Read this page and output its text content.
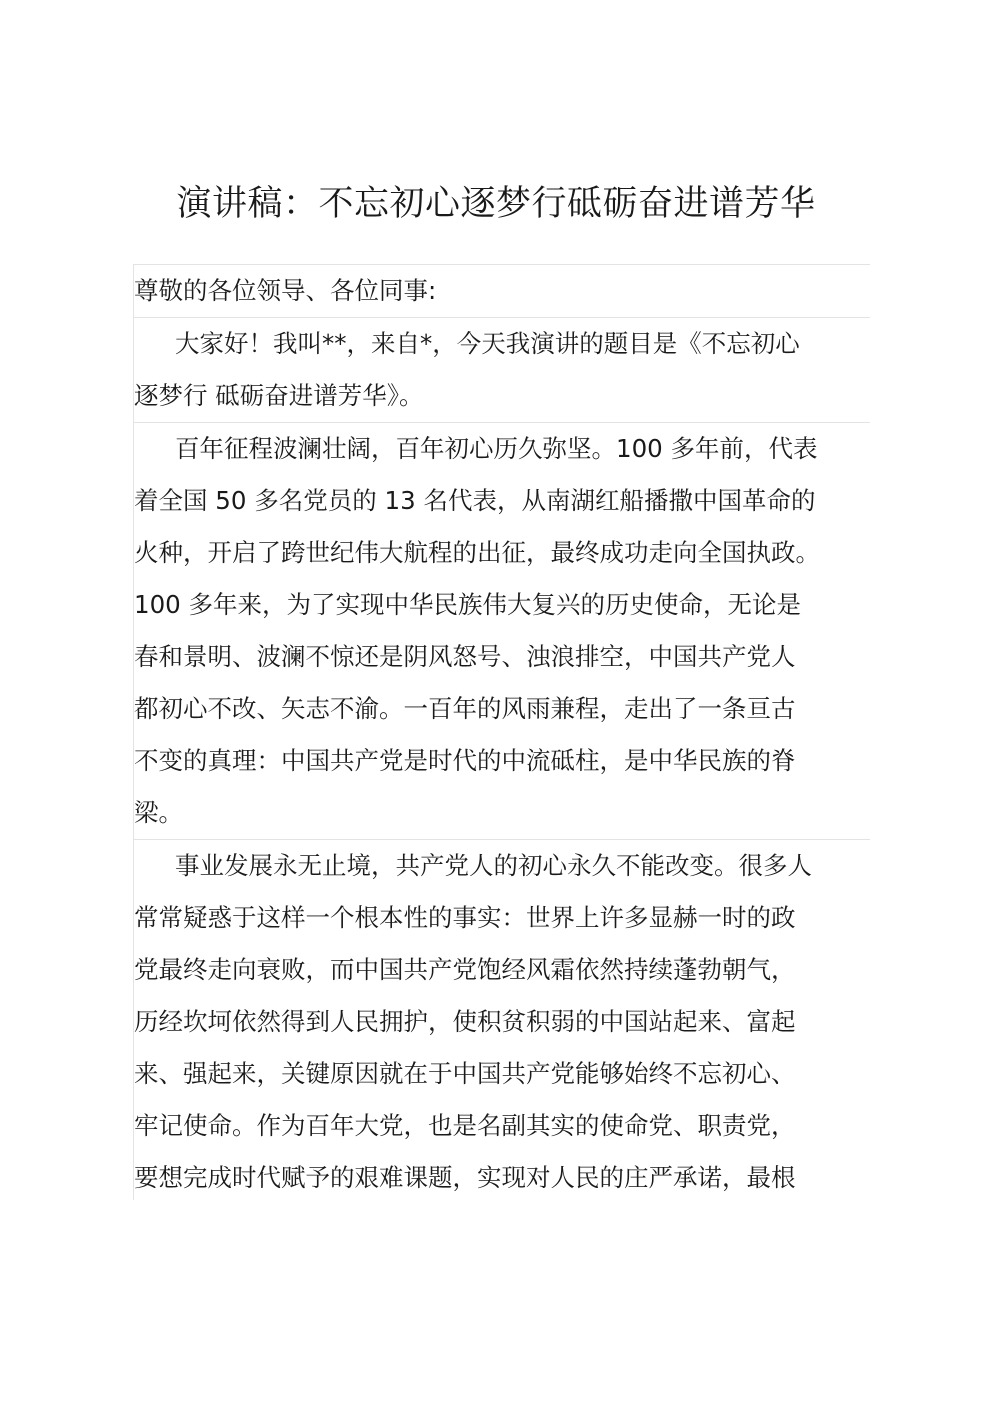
演讲稿：不忘初心逐梦行砥砺奋进谱芳华

尊敬的各位领导、各位同事:

大家好！我叫**，来自*，今天我演讲的题目是《不忘初心
逐梦行 砥砺奋进谱芳华》。

百年征程波澜壮阔，百年初心历久弥坚。100 多年前，代表
着全国 50 多名党员的 13 名代表，从南湖红船播撒中国革命的
火种，开启了跨世纪伟大航程的出征，最终成功走向全国执政。
100 多年来，为了实现中华民族伟大复兴的历史使命，无论是
春和景明、波澜不惊还是阴风怒号、浊浪排空，中国共产党人
都初心不改、矢志不渝。一百年的风雨兼程，走出了一条亘古
不变的真理：中国共产党是时代的中流砥柱，是中华民族的脊
梁。

事业发展永无止境，共产党人的初心永久不能改变。很多人
常常疑惑于这样一个根本性的事实：世界上许多显赫一时的政
党最终走向衰败，而中国共产党饱经风霜依然持续蓬勃朝气，
历经坎坷依然得到人民拥护，使积贫积弱的中国站起来、富起
来、强起来，关键原因就在于中国共产党能够始终不忘初心、
牢记使命。作为百年大党，也是名副其实的使命党、职责党，
要想完成时代赋予的艰难课题，实现对人民的庄严承诺，最根
